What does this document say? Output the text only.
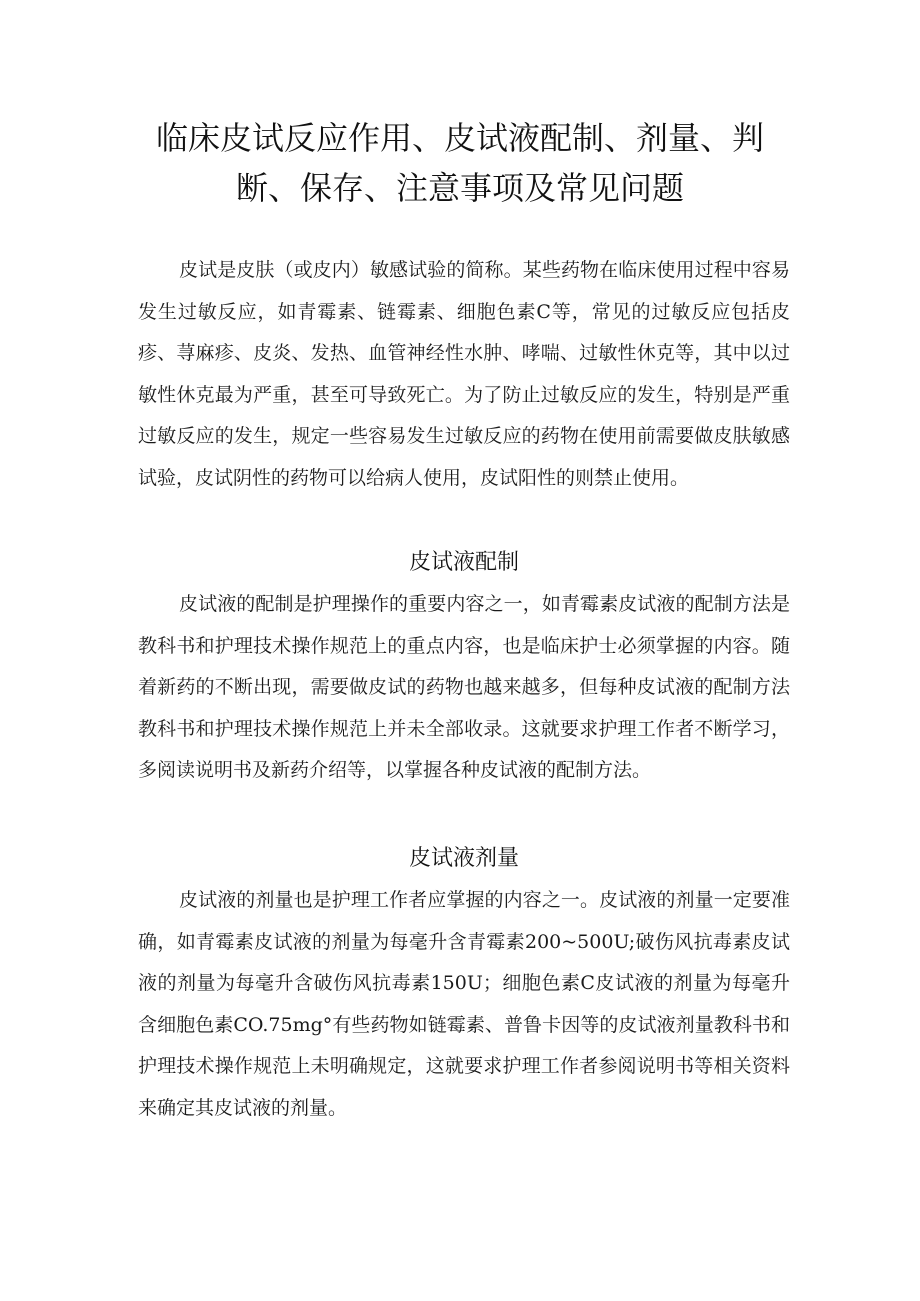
临床皮试反应作用、皮试液配制、剂量、判
断、保存、注意事项及常见问题

皮试是皮肤（或皮内）敏感试验的简称。某些药物在临床使用过程中容易发生过敏反应，如青霉素、链霉素、细胞色素C等，常见的过敏反应包括皮疹、荨麻疹、皮炎、发热、血管神经性水肿、哮喘、过敏性休克等，其中以过敏性休克最为严重，甚至可导致死亡。为了防止过敏反应的发生，特别是严重过敏反应的发生，规定一些容易发生过敏反应的药物在使用前需要做皮肤敏感试验，皮试阴性的药物可以给病人使用，皮试阳性的则禁止使用。

皮试液配制

皮试液的配制是护理操作的重要内容之一，如青霉素皮试液的配制方法是教科书和护理技术操作规范上的重点内容，也是临床护士必须掌握的内容。随着新药的不断出现，需要做皮试的药物也越来越多，但每种皮试液的配制方法教科书和护理技术操作规范上并未全部收录。这就要求护理工作者不断学习，多阅读说明书及新药介绍等，以掌握各种皮试液的配制方法。

皮试液剂量

皮试液的剂量也是护理工作者应掌握的内容之一。皮试液的剂量一定要准确，如青霉素皮试液的剂量为每毫升含青霉素200~500U;破伤风抗毒素皮试液的剂量为每毫升含破伤风抗毒素150U；细胞色素C皮试液的剂量为每毫升含细胞色素CO.75mg°有些药物如链霉素、普鲁卡因等的皮试液剂量教科书和护理技术操作规范上未明确规定，这就要求护理工作者参阅说明书等相关资料来确定其皮试液的剂量。
